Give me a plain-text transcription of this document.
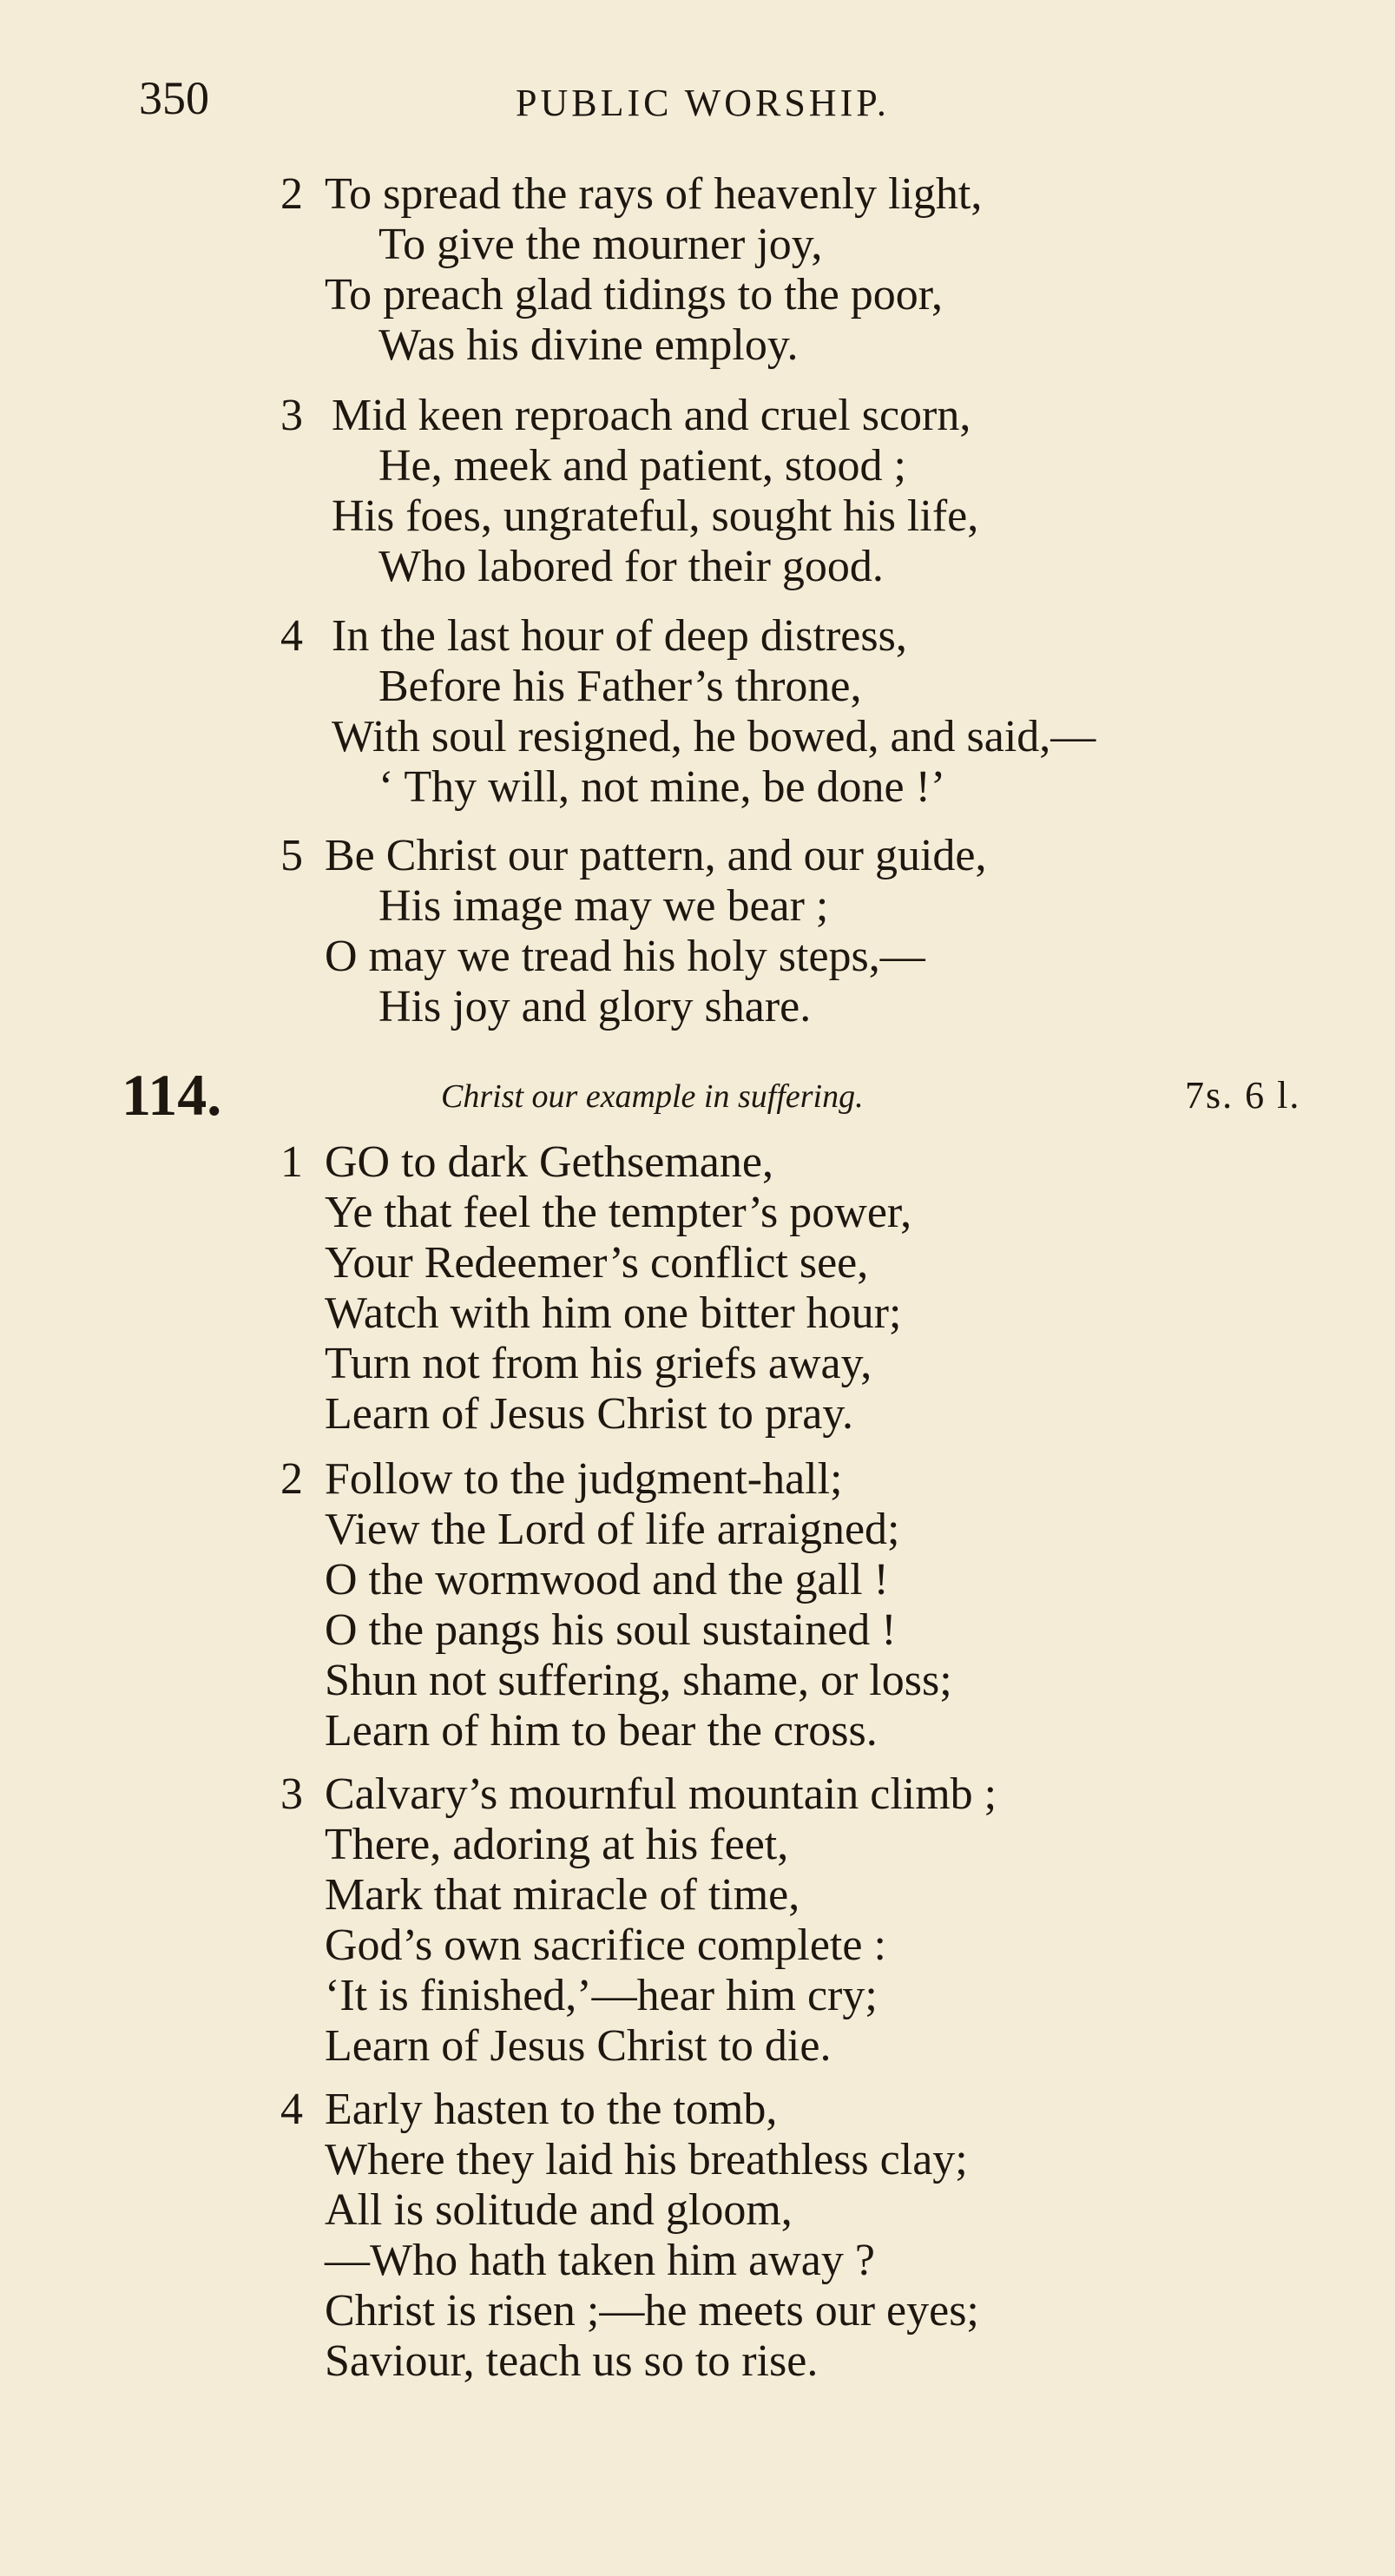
350	PUBLIC WORSHIP.
2 To spread the rays of heavenly light,
To give the mourner joy,
To preach glad tidings to the poor,
Was his divine employ.
3 Mid keen reproach and cruel scorn,
He, meek and patient, stood ;
His foes, ungrateful, sought his life,
Who labored for their good.
4 In the last hour of deep distress,
Before his Father’s throne,
With soul resigned, he bowed, and said,—
‘ Thy will, not mine, be done !’
5 Be Christ our pattern, and our guide,
His image may we bear ;
O may we tread his holy steps,—
His joy and glory share.
114.	Christ our example in suffering.	7s. 6 l.
1 GO to dark Gethsemane,
Ye that feel the tempter’s power,
Your Redeemer’s conflict see,
Watch with him one bitter hour;
Turn not from his griefs away,
Learn of Jesus Christ to pray.
2 Follow to the judgment-hall;
View the Lord of life arraigned;
O the wormwood and the gall !
O the pangs his soul sustained !
Shun not suffering, shame, or loss;
Learn of him to bear the cross.
3 Calvary’s mournful mountain climb ;
There, adoring at his feet,
Mark that miracle of time,
God’s own sacrifice complete :
‘It is finished,’—hear him cry;
Learn of Jesus Christ to die.
4 Early hasten to the tomb,
Where they laid his breathless clay;
All is solitude and gloom,
—Who hath taken him away ?
Christ is risen ;—he meets our eyes;
Saviour, teach us so to rise.
